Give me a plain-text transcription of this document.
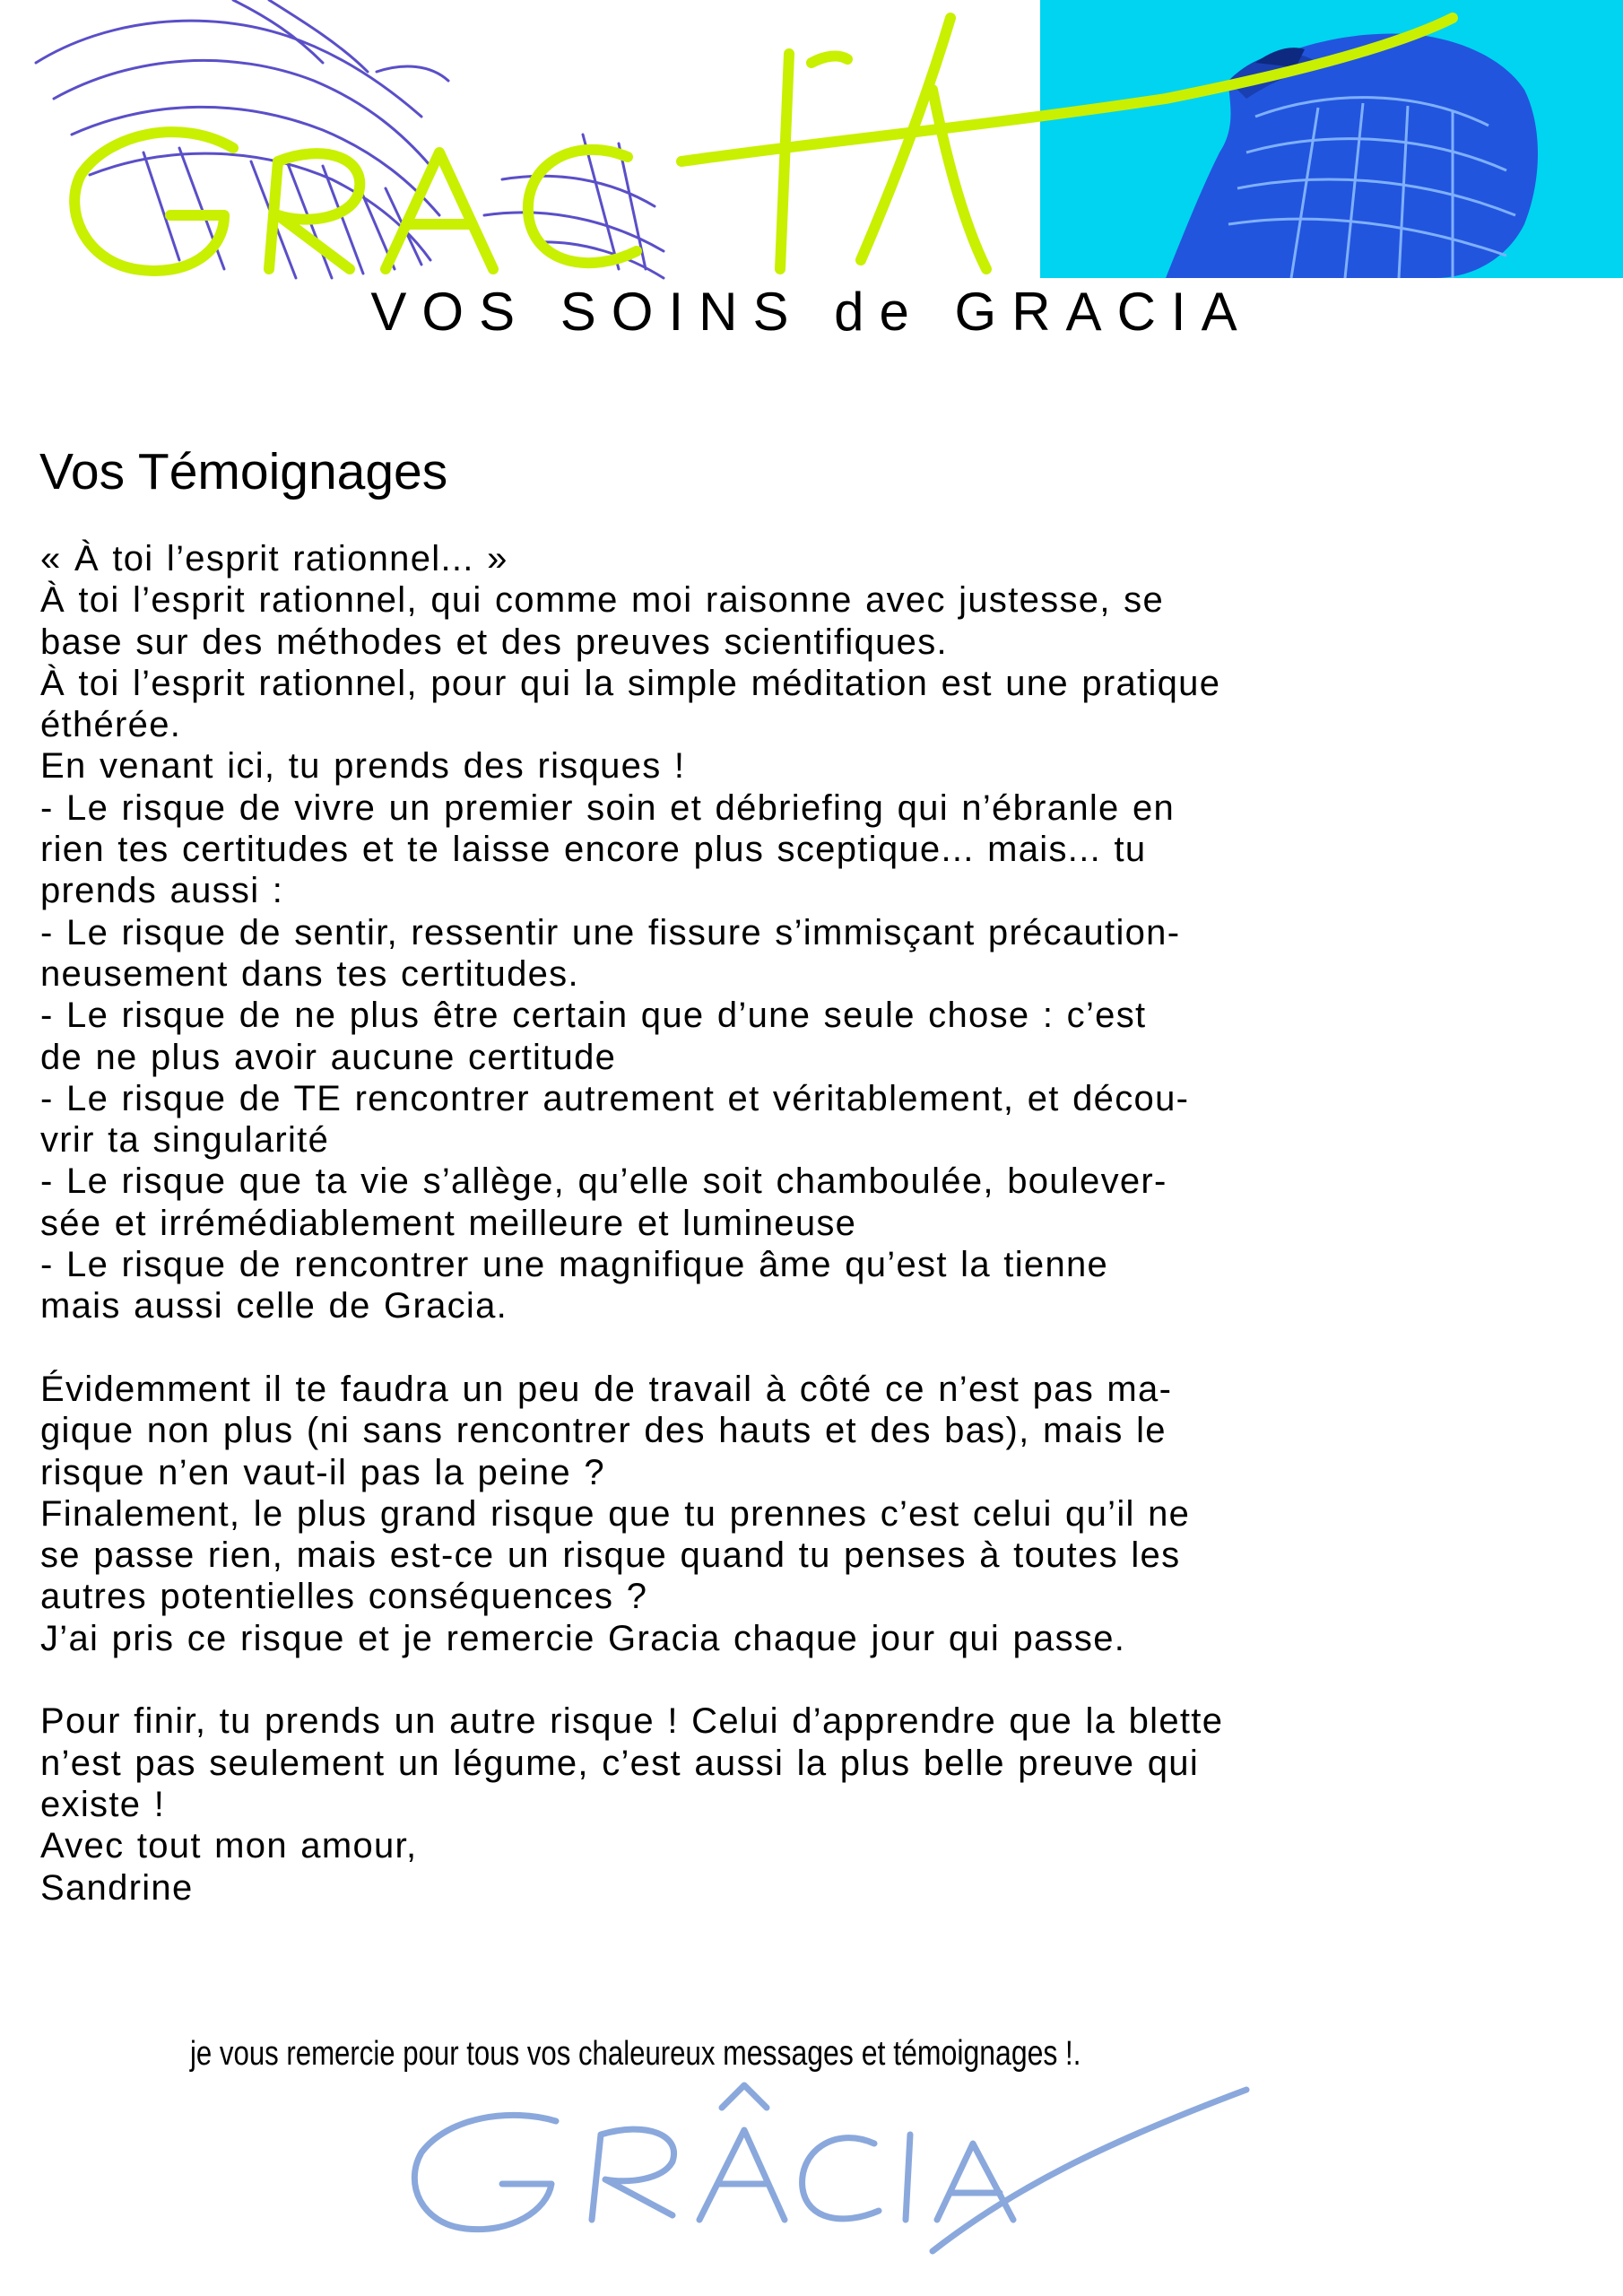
VOS SOINS de GRACIA
Vos Témoignages
« À toi l’esprit rationnel... »
À toi l’esprit rationnel, qui comme moi raisonne avec justesse, se
base sur des méthodes et des preuves scientifiques.
À toi l’esprit rationnel, pour qui la simple méditation est une pratique
éthérée.
En venant ici, tu prends des risques !
- Le risque de vivre un premier soin et débriefing qui n’ébranle en
rien tes certitudes et te laisse encore plus sceptique... mais... tu
prends aussi :
- Le risque de sentir, ressentir une fissure s’immisçant précaution-
neusement dans tes certitudes.
- Le risque de ne plus être certain que d’une seule chose : c’est
de ne plus avoir aucune certitude
- Le risque de TE rencontrer autrement et véritablement, et décou-
vrir ta singularité
- Le risque que ta vie s’allège, qu’elle soit chamboulée, boulever-
sée et irrémédiablement meilleure et lumineuse
- Le risque de rencontrer une magnifique âme qu’est la tienne
mais aussi celle de Gracia.
Évidemment il te faudra un peu de travail à côté ce n’est pas ma-
gique non plus (ni sans rencontrer des hauts et des bas), mais le
risque n’en vaut-il pas la peine ?
Finalement, le plus grand risque que tu prennes c’est celui qu’il ne
se passe rien, mais est-ce un risque quand tu penses à toutes les
autres potentielles conséquences ?
J’ai pris ce risque et je remercie Gracia chaque jour qui passe.
Pour finir, tu prends un autre risque ! Celui d’apprendre que la blette
n’est pas seulement un légume, c’est aussi la plus belle preuve qui
existe !
Avec tout mon amour,
Sandrine
je vous remercie pour tous vos chaleureux messages et témoignages !.
